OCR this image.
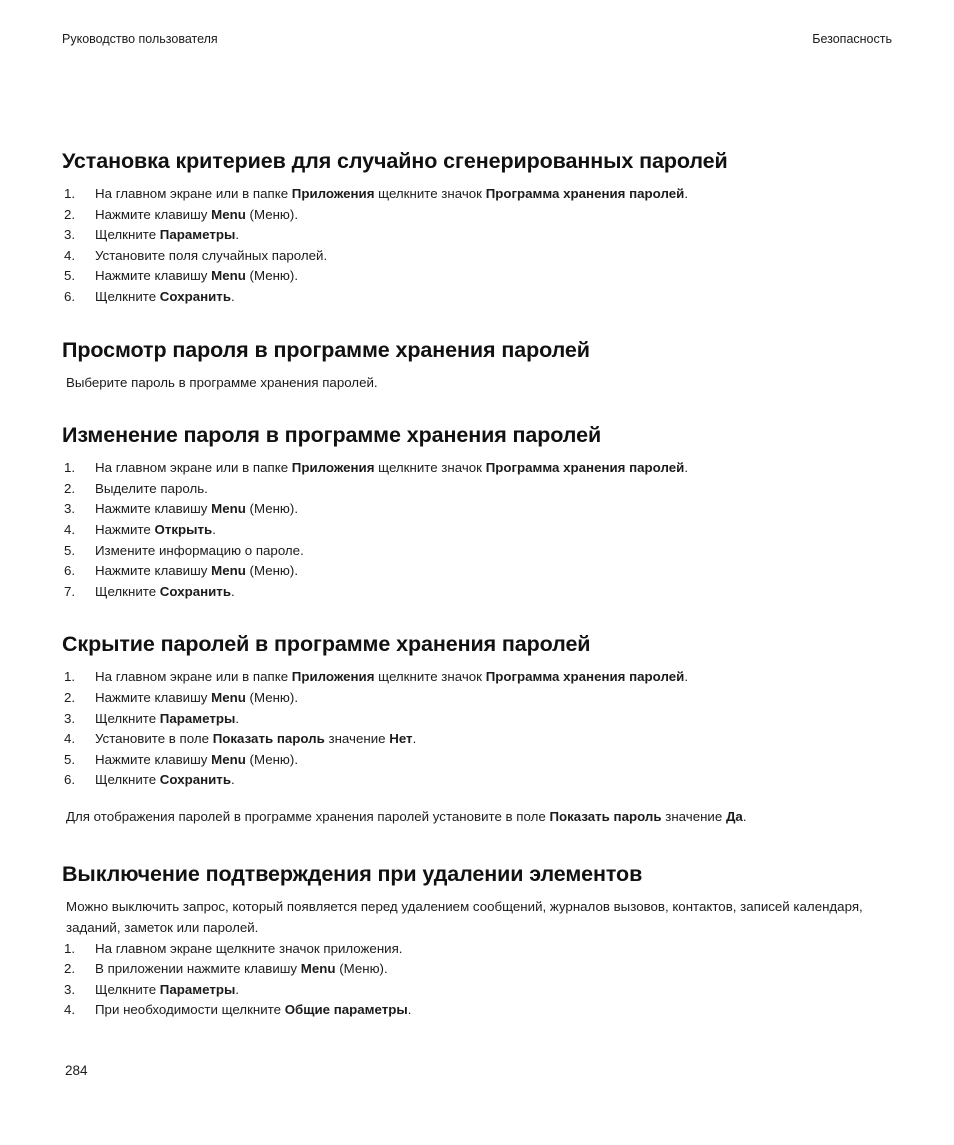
Руководство пользователя	Безопасность
Установка критериев для случайно сгенерированных паролей
1.	На главном экране или в папке Приложения щелкните значок Программа хранения паролей.
2.	Нажмите клавишу Menu (Меню).
3.	Щелкните Параметры.
4.	Установите поля случайных паролей.
5.	Нажмите клавишу Menu (Меню).
6.	Щелкните Сохранить.
Просмотр пароля в программе хранения паролей

Выберите пароль в программе хранения паролей.

Изменение пароля в программе хранения паролей
1.	На главном экране или в папке Приложения щелкните значок Программа хранения паролей.
2.	Выделите пароль.
3.	Нажмите клавишу Menu (Меню).
4.	Нажмите Открыть.
5.	Измените информацию о пароле.
6.	Нажмите клавишу Menu (Меню).
7.	Щелкните Сохранить.
Скрытие паролей в программе хранения паролей
1.	На главном экране или в папке Приложения щелкните значок Программа хранения паролей.
2.	Нажмите клавишу Menu (Меню).
3.	Щелкните Параметры.
4.	Установите в поле Показать пароль значение Нет.
5.	Нажмите клавишу Menu (Меню).
6.	Щелкните Сохранить.

Для отображения паролей в программе хранения паролей установите в поле Показать пароль значение Да.

Выключение подтверждения при удалении элементов

Можно выключить запрос, который появляется перед удалением сообщений, журналов вызовов, контактов, записей календаря, заданий, заметок или паролей.

1.	На главном экране щелкните значок приложения.
2.	В приложении нажмите клавишу Menu (Меню).
3.	Щелкните Параметры.
4.	При необходимости щелкните Общие параметры.
284
